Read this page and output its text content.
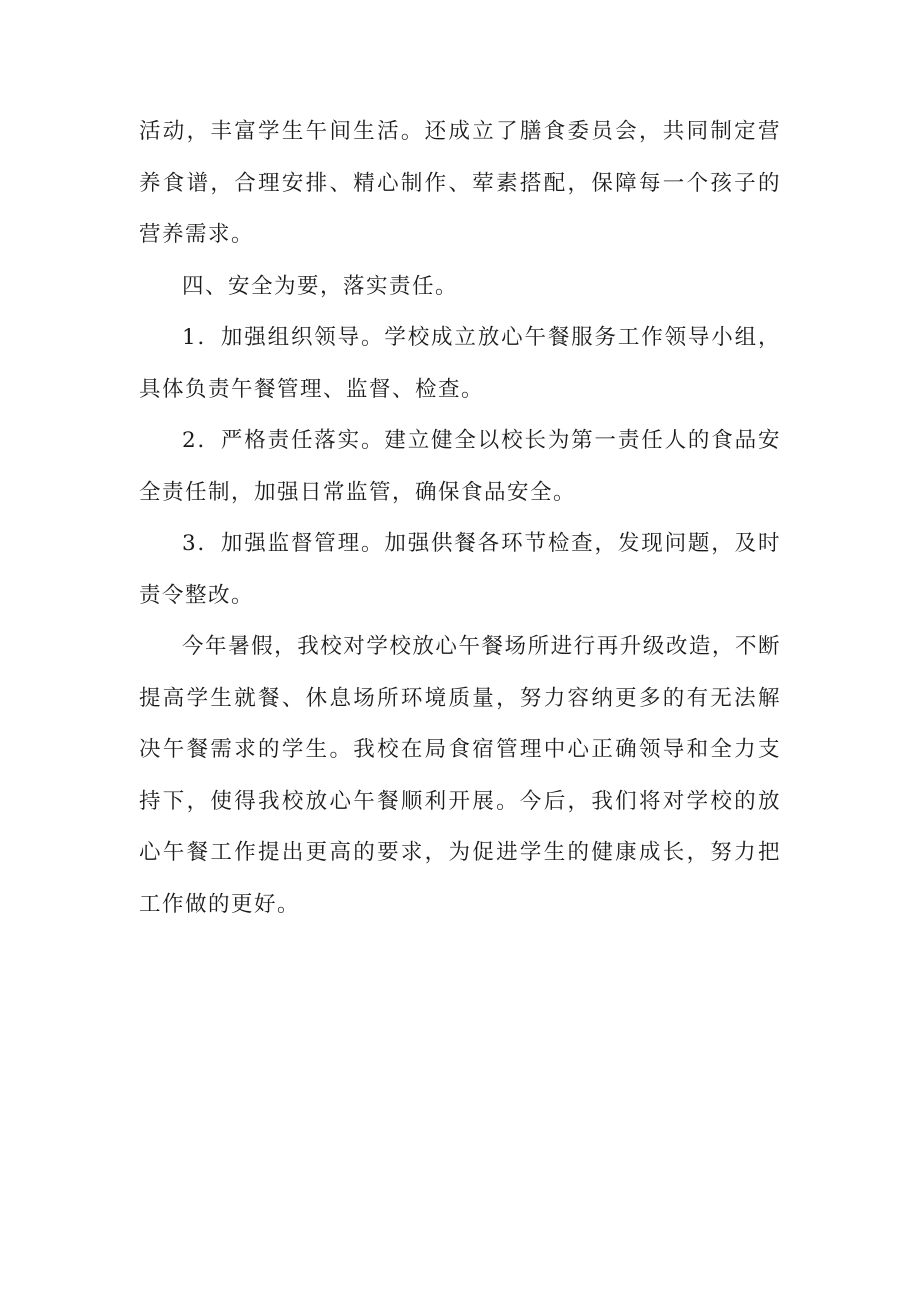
活动，丰富学生午间生活。还成立了膳食委员会，共同制定营养食谱，合理安排、精心制作、荤素搭配，保障每一个孩子的营养需求。

四、安全为要，落实责任。

1．加强组织领导。学校成立放心午餐服务工作领导小组，具体负责午餐管理、监督、检查。

2．严格责任落实。建立健全以校长为第一责任人的食品安全责任制，加强日常监管，确保食品安全。

3．加强监督管理。加强供餐各环节检查，发现问题，及时责令整改。

今年暑假，我校对学校放心午餐场所进行再升级改造，不断提高学生就餐、休息场所环境质量，努力容纳更多的有无法解决午餐需求的学生。我校在局食宿管理中心正确领导和全力支持下，使得我校放心午餐顺利开展。今后，我们将对学校的放心午餐工作提出更高的要求，为促进学生的健康成长，努力把工作做的更好。
